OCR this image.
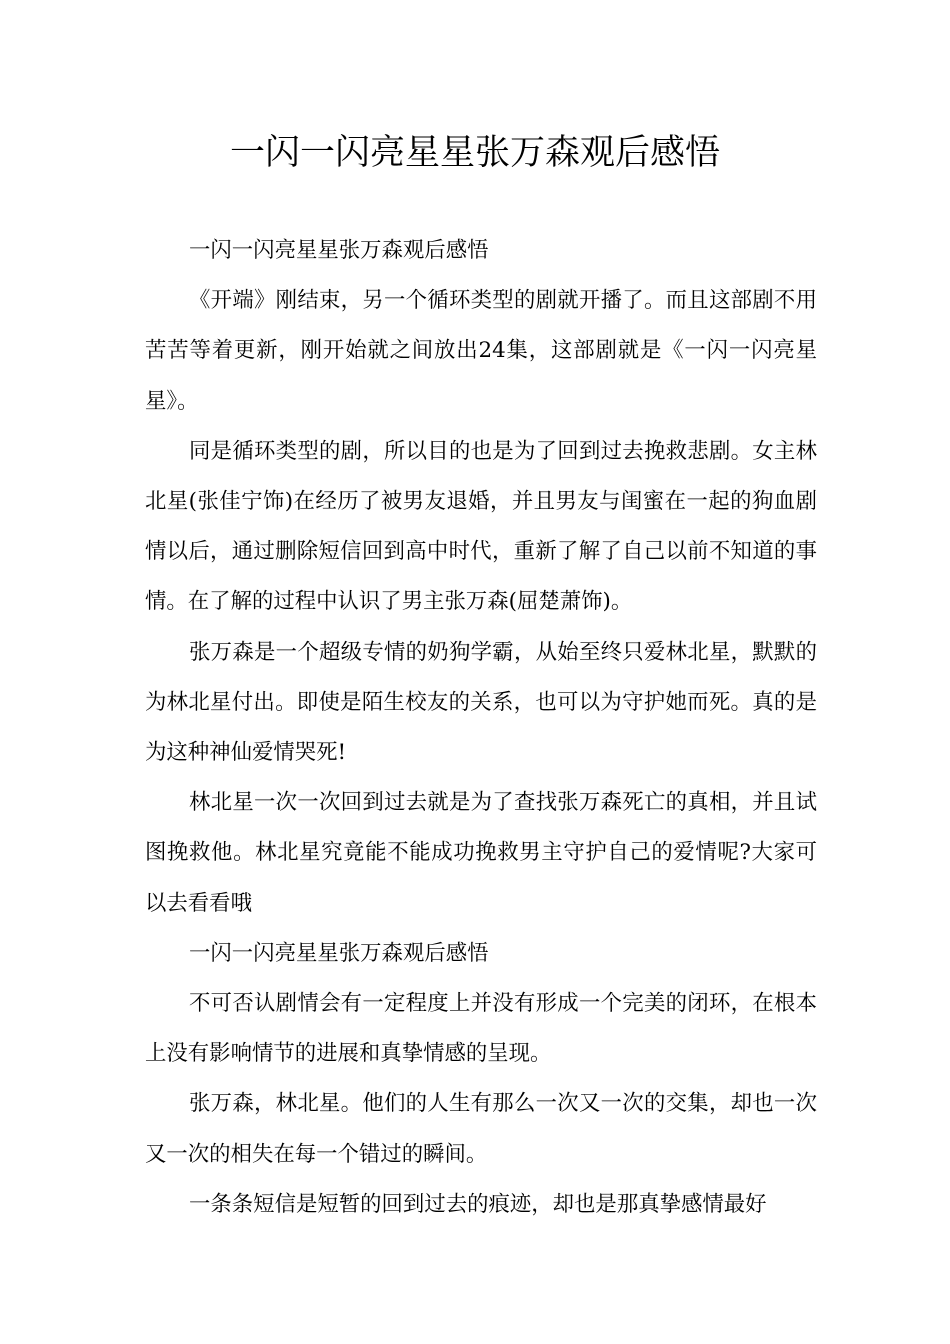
一闪一闪亮星星张万森观后感悟

一闪一闪亮星星张万森观后感悟

《开端》刚结束，另一个循环类型的剧就开播了。而且这部剧不用苦苦等着更新，刚开始就之间放出24集，这部剧就是《一闪一闪亮星星》。

同是循环类型的剧，所以目的也是为了回到过去挽救悲剧。女主林北星(张佳宁饰)在经历了被男友退婚，并且男友与闺蜜在一起的狗血剧情以后，通过删除短信回到高中时代，重新了解了自己以前不知道的事情。在了解的过程中认识了男主张万森(屈楚萧饰)。

张万森是一个超级专情的奶狗学霸，从始至终只爱林北星，默默的为林北星付出。即使是陌生校友的关系，也可以为守护她而死。真的是为这种神仙爱情哭死!

林北星一次一次回到过去就是为了查找张万森死亡的真相，并且试图挽救他。林北星究竟能不能成功挽救男主守护自己的爱情呢?大家可以去看看哦

一闪一闪亮星星张万森观后感悟

不可否认剧情会有一定程度上并没有形成一个完美的闭环，在根本上没有影响情节的进展和真挚情感的呈现。

张万森，林北星。他们的人生有那么一次又一次的交集，却也一次又一次的相失在每一个错过的瞬间。

一条条短信是短暂的回到过去的痕迹，却也是那真挚感情最好
